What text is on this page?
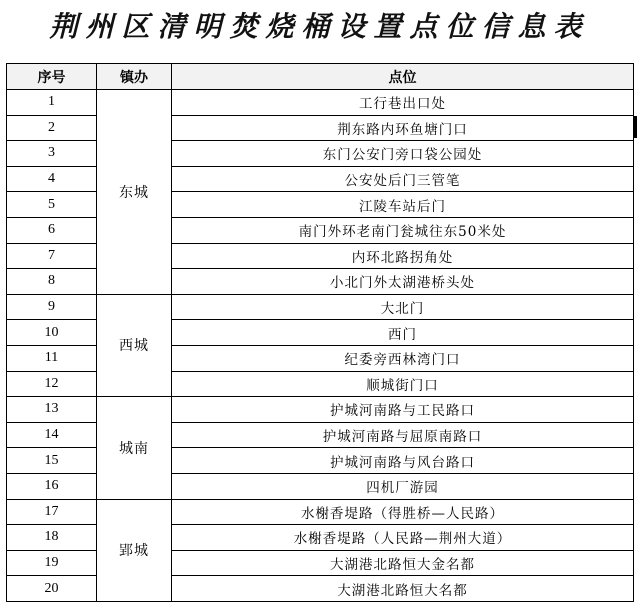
荆州区清明焚烧桶设置点位信息表
序号	镇办	点位
1	东城	工行巷出口处
2		荆东路内环鱼塘门口
3		东门公安门旁口袋公园处
4		公安处后门三管笔
5		江陵车站后门
6		南门外环老南门瓮城往东50米处
7		内环北路拐角处
8		小北门外太湖港桥头处
9	西城	大北门
10		西门
11		纪委旁西林湾门口
12		顺城街门口
13	城南	护城河南路与工民路口
14		护城河南路与屈原南路口
15		护城河南路与风台路口
16		四机厂游园
17	郢城	水榭香堤路（得胜桥—人民路）
18		水榭香堤路（人民路—荆州大道）
19		大湖港北路恒大金名都
20		大湖港北路恒大名都
